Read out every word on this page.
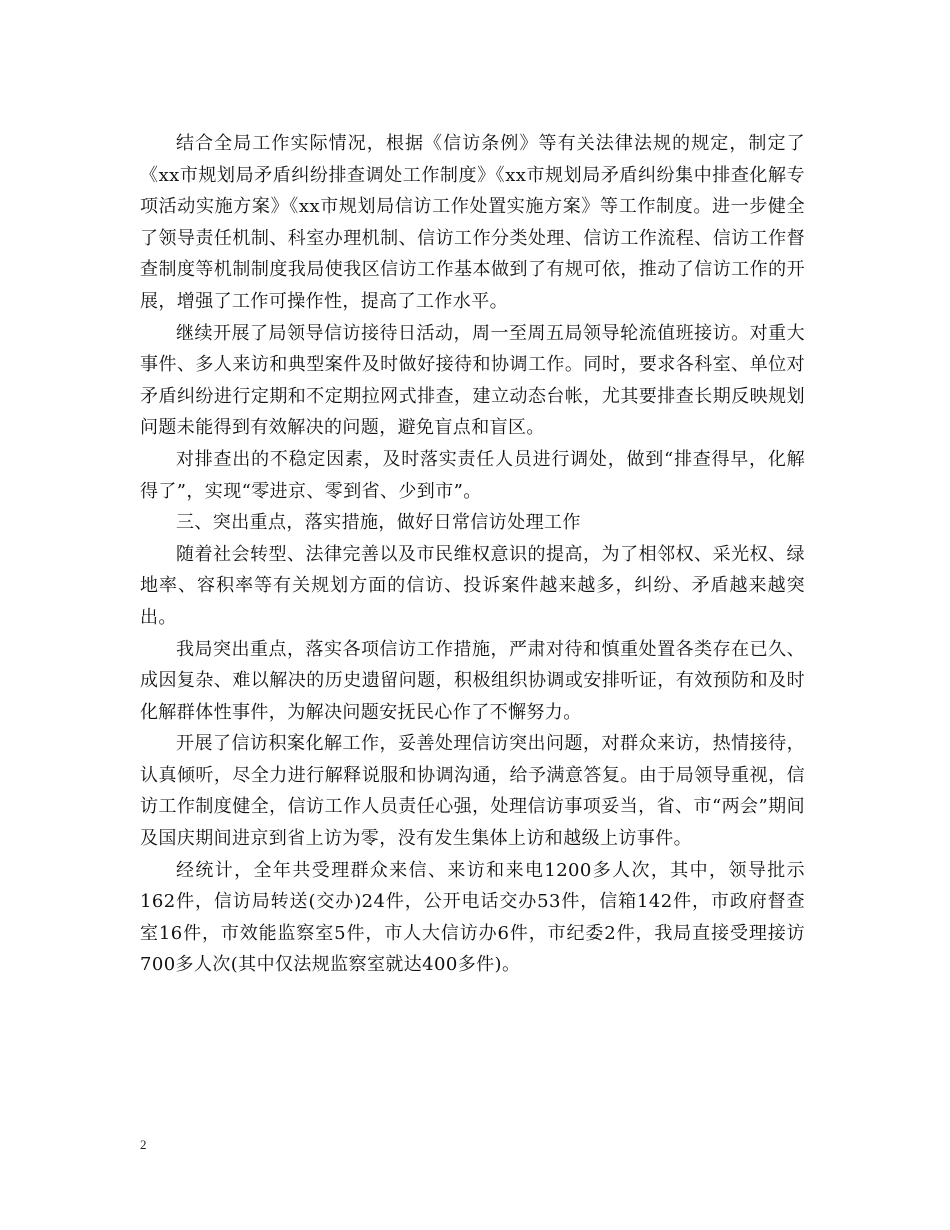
结合全局工作实际情况，根据《信访条例》等有关法律法规的规定，制定了《xx市规划局矛盾纠纷排查调处工作制度》《xx市规划局矛盾纠纷集中排查化解专项活动实施方案》《xx市规划局信访工作处置实施方案》等工作制度。进一步健全了领导责任机制、科室办理机制、信访工作分类处理、信访工作流程、信访工作督查制度等机制制度我局使我区信访工作基本做到了有规可依，推动了信访工作的开展，增强了工作可操作性，提高了工作水平。

继续开展了局领导信访接待日活动，周一至周五局领导轮流值班接访。对重大事件、多人来访和典型案件及时做好接待和协调工作。同时，要求各科室、单位对矛盾纠纷进行定期和不定期拉网式排查，建立动态台帐，尤其要排查长期反映规划问题未能得到有效解决的问题，避免盲点和盲区。

对排查出的不稳定因素，及时落实责任人员进行调处，做到“排查得早，化解得了”，实现“零进京、零到省、少到市”。

三、突出重点，落实措施，做好日常信访处理工作

随着社会转型、法律完善以及市民维权意识的提高，为了相邻权、采光权、绿地率、容积率等有关规划方面的信访、投诉案件越来越多，纠纷、矛盾越来越突出。

我局突出重点，落实各项信访工作措施，严肃对待和慎重处置各类存在已久、成因复杂、难以解决的历史遗留问题，积极组织协调或安排听证，有效预防和及时化解群体性事件，为解决问题安抚民心作了不懈努力。

开展了信访积案化解工作，妥善处理信访突出问题，对群众来访，热情接待，认真倾听，尽全力进行解释说服和协调沟通，给予满意答复。由于局领导重视，信访工作制度健全，信访工作人员责任心强，处理信访事项妥当，省、市“两会”期间及国庆期间进京到省上访为零，没有发生集体上访和越级上访事件。

经统计，全年共受理群众来信、来访和来电1200多人次，其中，领导批示162件，信访局转送(交办)24件，公开电话交办53件，信箱142件，市政府督查室16件，市效能监察室5件，市人大信访办6件，市纪委2件，我局直接受理接访 700多人次(其中仅法规监察室就达400多件)。

2
